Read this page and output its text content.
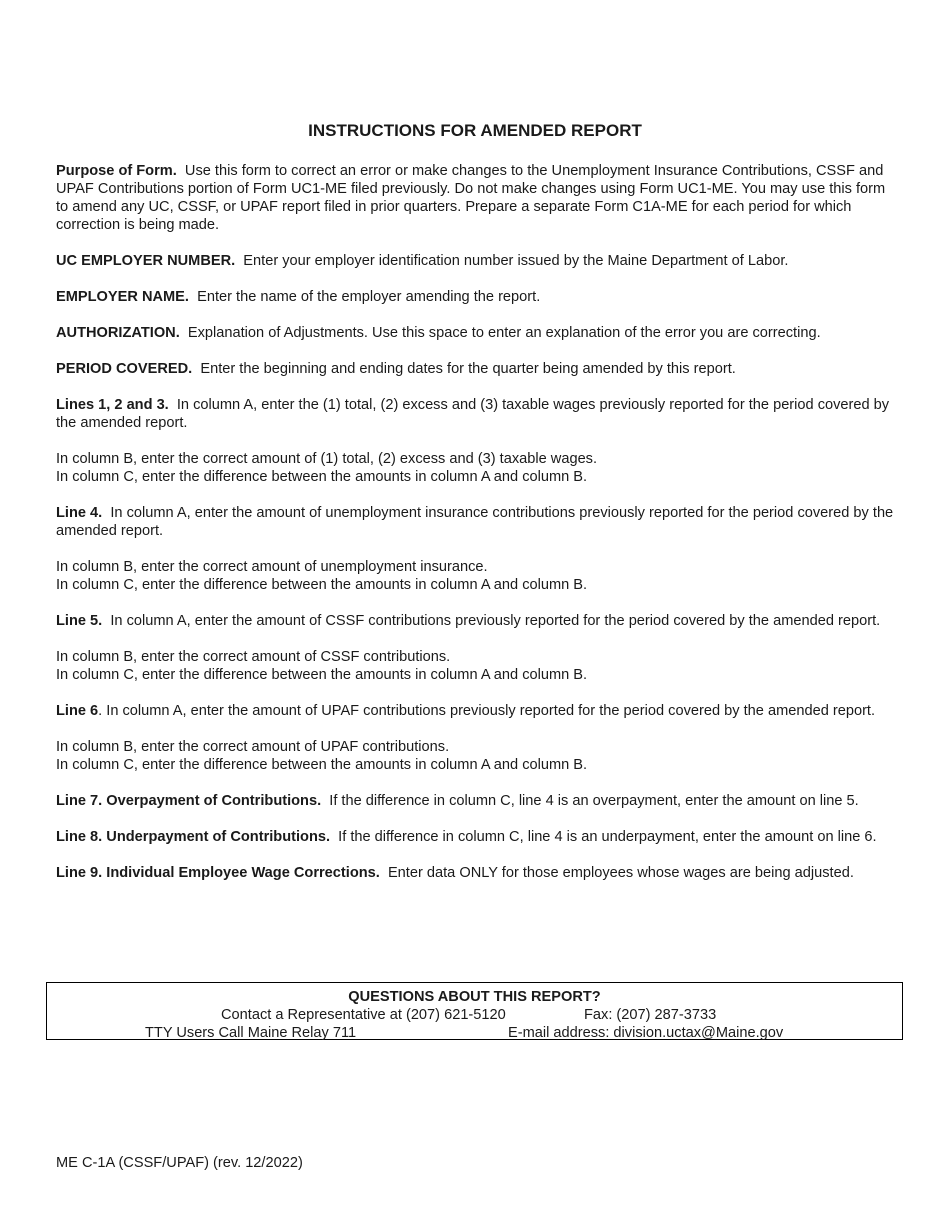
INSTRUCTIONS FOR AMENDED REPORT

Purpose of Form. Use this form to correct an error or make changes to the Unemployment Insurance Contributions, CSSF and UPAF Contributions portion of Form UC1-ME filed previously. Do not make changes using Form UC1-ME. You may use this form to amend any UC, CSSF, or UPAF report filed in prior quarters. Prepare a separate Form C1A-ME for each period for which correction is being made.

UC EMPLOYER NUMBER. Enter your employer identification number issued by the Maine Department of Labor.

EMPLOYER NAME. Enter the name of the employer amending the report.

AUTHORIZATION. Explanation of Adjustments. Use this space to enter an explanation of the error you are correcting.

PERIOD COVERED. Enter the beginning and ending dates for the quarter being amended by this report.

Lines 1, 2 and 3. In column A, enter the (1) total, (2) excess and (3) taxable wages previously reported for the period covered by the amended report.

In column B, enter the correct amount of (1) total, (2) excess and (3) taxable wages.
In column C, enter the difference between the amounts in column A and column B.

Line 4. In column A, enter the amount of unemployment insurance contributions previously reported for the period covered by the amended report.

In column B, enter the correct amount of unemployment insurance.
In column C, enter the difference between the amounts in column A and column B.

Line 5. In column A, enter the amount of CSSF contributions previously reported for the period covered by the amended report.

In column B, enter the correct amount of CSSF contributions.
In column C, enter the difference between the amounts in column A and column B.

Line 6. In column A, enter the amount of UPAF contributions previously reported for the period covered by the amended report.

In column B, enter the correct amount of UPAF contributions.
In column C, enter the difference between the amounts in column A and column B.

Line 7. Overpayment of Contributions. If the difference in column C, line 4 is an overpayment, enter the amount on line 5.

Line 8. Underpayment of Contributions. If the difference in column C, line 4 is an underpayment, enter the amount on line 6.

Line 9. Individual Employee Wage Corrections. Enter data ONLY for those employees whose wages are being adjusted.

QUESTIONS ABOUT THIS REPORT?
Contact a Representative at (207) 621-5120	Fax: (207) 287-3733
TTY Users Call Maine Relay 711	E-mail address: division.uctax@Maine.gov
ME C-1A (CSSF/UPAF) (rev. 12/2022)
